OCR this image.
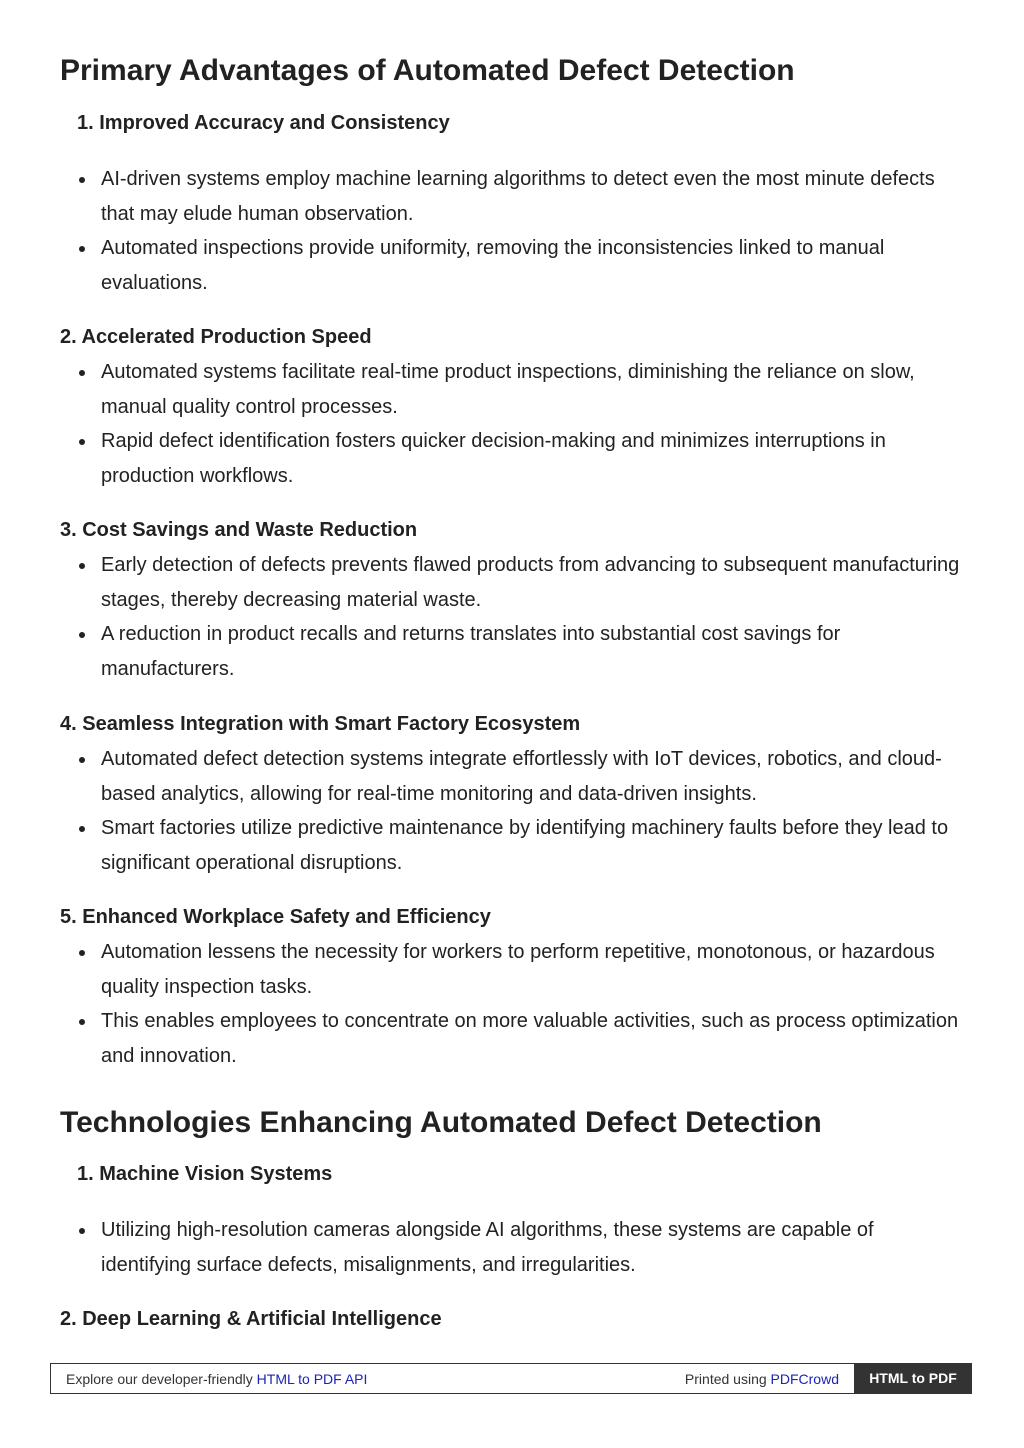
Primary Advantages of Automated Defect Detection
1. Improved Accuracy and Consistency
AI-driven systems employ machine learning algorithms to detect even the most minute defects that may elude human observation.
Automated inspections provide uniformity, removing the inconsistencies linked to manual evaluations.
2. Accelerated Production Speed
Automated systems facilitate real-time product inspections, diminishing the reliance on slow, manual quality control processes.
Rapid defect identification fosters quicker decision-making and minimizes interruptions in production workflows.
3. Cost Savings and Waste Reduction
Early detection of defects prevents flawed products from advancing to subsequent manufacturing stages, thereby decreasing material waste.
A reduction in product recalls and returns translates into substantial cost savings for manufacturers.
4. Seamless Integration with Smart Factory Ecosystem
Automated defect detection systems integrate effortlessly with IoT devices, robotics, and cloud-based analytics, allowing for real-time monitoring and data-driven insights.
Smart factories utilize predictive maintenance by identifying machinery faults before they lead to significant operational disruptions.
5. Enhanced Workplace Safety and Efficiency
Automation lessens the necessity for workers to perform repetitive, monotonous, or hazardous quality inspection tasks.
This enables employees to concentrate on more valuable activities, such as process optimization and innovation.
Technologies Enhancing Automated Defect Detection
1. Machine Vision Systems
Utilizing high-resolution cameras alongside AI algorithms, these systems are capable of identifying surface defects, misalignments, and irregularities.
2. Deep Learning & Artificial Intelligence
Explore our developer-friendly HTML to PDF API	Printed using PDFCrowd	HTML to PDF
